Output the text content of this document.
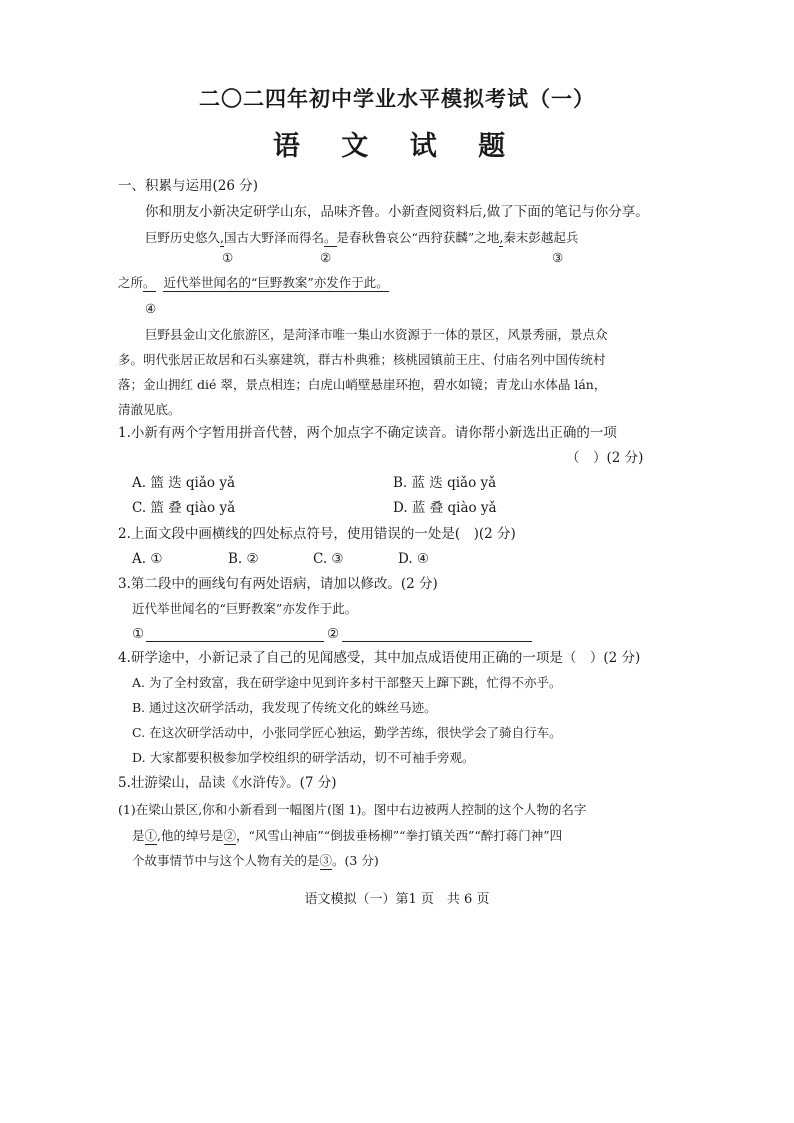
二〇二四年初中学业水平模拟考试（一）
语 文 试 题
一、积累与运用(26 分)
你和朋友小新决定研学山东，品味齐鲁。小新查阅资料后,做了下面的笔记与你分享。
巨野历史悠久,国古大野泽而得名。是春秋鲁哀公“西狩获麟”之地,秦末彭越起兵
①	②	③
之所。 近代举世闻名的“巨野教案”亦发作于此。
④
巨野县金山文化旅游区，是菏泽市唯一集山水资源于一体的景区，风景秀丽，景点众
多。明代张居正故居和石头寨建筑，群古朴典雅；核桃园镇前王庄、付庙名列中国传统村
落；金山拥红 dié 翠，景点相连；白虎山峭壁悬崖环抱，碧水如镜；青龙山水体晶 lán，
清澈见底。
1.小新有两个字暂用拼音代替，两个加点字不确定读音。请你帮小新选出正确的一项
（　）(2 分)
A. 篮 迭 qiǎo yǎ	B. 蓝 迭 qiǎo yǎ
C. 篮 叠 qiào yǎ	D. 蓝 叠 qiào yǎ
2.上面文段中画横线的四处标点符号，使用错误的一处是(　)(2 分)
A. ①	B. ②	C. ③	D. ④
3.第二段中的画线句有两处语病，请加以修改。(2 分)
近代举世闻名的“巨野教案”亦发作于此。
①	②
4.研学途中，小新记录了自己的见闻感受，其中加点成语使用正确的一项是（　）(2 分)
A. 为了全村致富，我在研学途中见到许多村干部整天上蹿下跳，忙得不亦乎。
B. 通过这次研学活动，我发现了传统文化的蛛丝马迹。
C. 在这次研学活动中，小张同学匠心独运，勤学苦练，很快学会了骑自行车。
D. 大家都要积极参加学校组织的研学活动，切不可袖手旁观。
5.壮游梁山，品读《水浒传》。(7 分)
(1)在梁山景区,你和小新看到一幅图片(图 1)。图中右边被两人控制的这个人物的名字
是①,他的绰号是②，“风雪山神庙”“倒拔垂杨柳”“拳打镇关西”“醉打蒋门神”四
个故事情节中与这个人物有关的是③。(3 分)
语文模拟（一）第1 页　共 6 页
